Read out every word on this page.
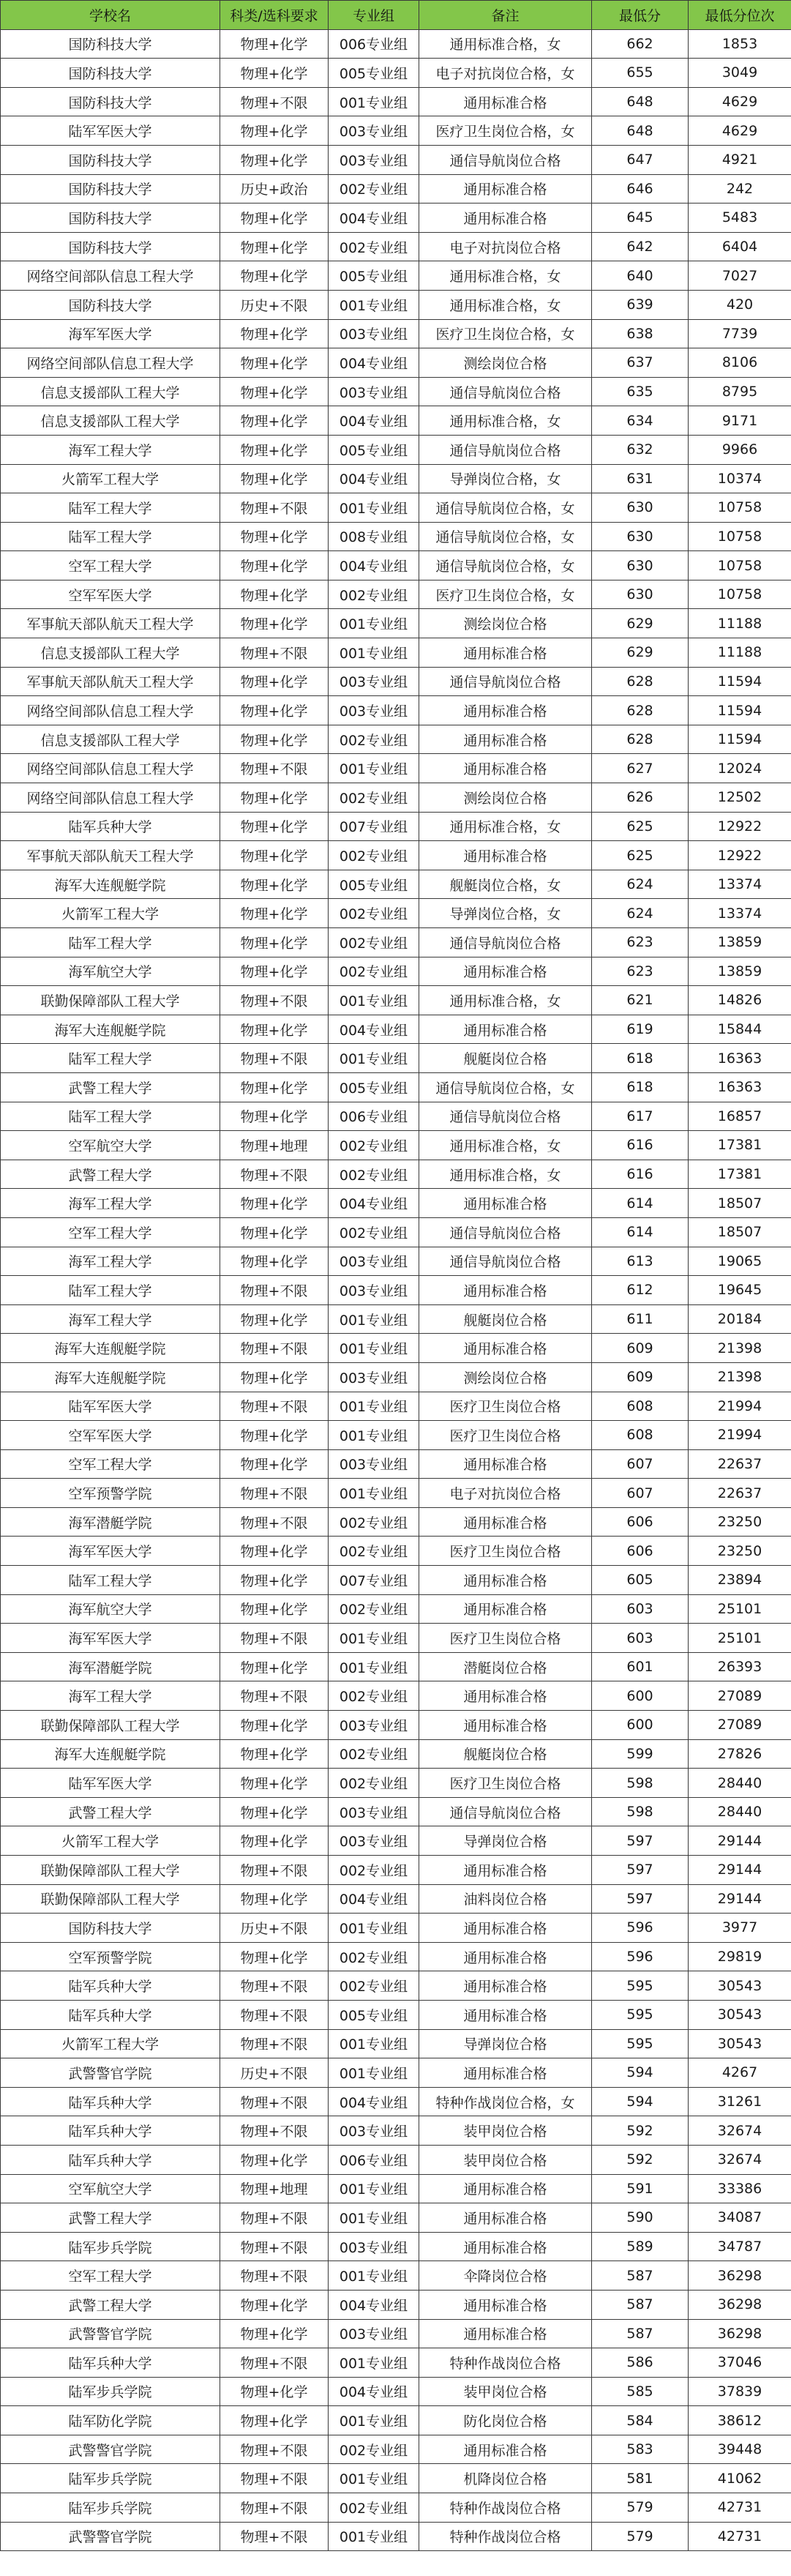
学校名	科类/选科要求	专业组	备注	最低分	最低分位次
国防科技大学	物理+化学	006专业组	通用标准合格，女	662	1853
国防科技大学	物理+化学	005专业组	电子对抗岗位合格，女	655	3049
国防科技大学	物理+不限	001专业组	通用标准合格	648	4629
陆军军医大学	物理+化学	003专业组	医疗卫生岗位合格，女	648	4629
国防科技大学	物理+化学	003专业组	通信导航岗位合格	647	4921
国防科技大学	历史+政治	002专业组	通用标准合格	646	242
国防科技大学	物理+化学	004专业组	通用标准合格	645	5483
国防科技大学	物理+化学	002专业组	电子对抗岗位合格	642	6404
网络空间部队信息工程大学	物理+化学	005专业组	通用标准合格，女	640	7027
国防科技大学	历史+不限	001专业组	通用标准合格，女	639	420
海军军医大学	物理+化学	003专业组	医疗卫生岗位合格，女	638	7739
网络空间部队信息工程大学	物理+化学	004专业组	测绘岗位合格	637	8106
信息支援部队工程大学	物理+化学	003专业组	通信导航岗位合格	635	8795
信息支援部队工程大学	物理+化学	004专业组	通用标准合格，女	634	9171
海军工程大学	物理+化学	005专业组	通信导航岗位合格	632	9966
火箭军工程大学	物理+化学	004专业组	导弹岗位合格，女	631	10374
陆军工程大学	物理+不限	001专业组	通信导航岗位合格，女	630	10758
陆军工程大学	物理+化学	008专业组	通信导航岗位合格，女	630	10758
空军工程大学	物理+化学	004专业组	通信导航岗位合格，女	630	10758
空军军医大学	物理+化学	002专业组	医疗卫生岗位合格，女	630	10758
军事航天部队航天工程大学	物理+化学	001专业组	测绘岗位合格	629	11188
信息支援部队工程大学	物理+不限	001专业组	通用标准合格	629	11188
军事航天部队航天工程大学	物理+化学	003专业组	通信导航岗位合格	628	11594
网络空间部队信息工程大学	物理+化学	003专业组	通用标准合格	628	11594
信息支援部队工程大学	物理+化学	002专业组	通用标准合格	628	11594
网络空间部队信息工程大学	物理+不限	001专业组	通用标准合格	627	12024
网络空间部队信息工程大学	物理+化学	002专业组	测绘岗位合格	626	12502
陆军兵种大学	物理+化学	007专业组	通用标准合格，女	625	12922
军事航天部队航天工程大学	物理+化学	002专业组	通用标准合格	625	12922
海军大连舰艇学院	物理+化学	005专业组	舰艇岗位合格，女	624	13374
火箭军工程大学	物理+化学	002专业组	导弹岗位合格，女	624	13374
陆军工程大学	物理+化学	002专业组	通信导航岗位合格	623	13859
海军航空大学	物理+化学	002专业组	通用标准合格	623	13859
联勤保障部队工程大学	物理+不限	001专业组	通用标准合格，女	621	14826
海军大连舰艇学院	物理+化学	004专业组	通用标准合格	619	15844
陆军工程大学	物理+不限	001专业组	舰艇岗位合格	618	16363
武警工程大学	物理+化学	005专业组	通信导航岗位合格，女	618	16363
陆军工程大学	物理+化学	006专业组	通信导航岗位合格	617	16857
空军航空大学	物理+地理	002专业组	通用标准合格，女	616	17381
武警工程大学	物理+不限	002专业组	通用标准合格，女	616	17381
海军工程大学	物理+化学	004专业组	通用标准合格	614	18507
空军工程大学	物理+化学	002专业组	通信导航岗位合格	614	18507
海军工程大学	物理+化学	003专业组	通信导航岗位合格	613	19065
陆军工程大学	物理+不限	003专业组	通用标准合格	612	19645
海军工程大学	物理+化学	001专业组	舰艇岗位合格	611	20184
海军大连舰艇学院	物理+不限	001专业组	通用标准合格	609	21398
海军大连舰艇学院	物理+化学	003专业组	测绘岗位合格	609	21398
陆军军医大学	物理+不限	001专业组	医疗卫生岗位合格	608	21994
空军军医大学	物理+化学	001专业组	医疗卫生岗位合格	608	21994
空军工程大学	物理+化学	003专业组	通用标准合格	607	22637
空军预警学院	物理+不限	001专业组	电子对抗岗位合格	607	22637
海军潜艇学院	物理+不限	002专业组	通用标准合格	606	23250
海军军医大学	物理+化学	002专业组	医疗卫生岗位合格	606	23250
陆军工程大学	物理+化学	007专业组	通用标准合格	605	23894
海军航空大学	物理+化学	002专业组	通用标准合格	603	25101
海军军医大学	物理+不限	001专业组	医疗卫生岗位合格	603	25101
海军潜艇学院	物理+化学	001专业组	潜艇岗位合格	601	26393
海军工程大学	物理+不限	002专业组	通用标准合格	600	27089
联勤保障部队工程大学	物理+化学	003专业组	通用标准合格	600	27089
海军大连舰艇学院	物理+化学	002专业组	舰艇岗位合格	599	27826
陆军军医大学	物理+化学	002专业组	医疗卫生岗位合格	598	28440
武警工程大学	物理+化学	003专业组	通信导航岗位合格	598	28440
火箭军工程大学	物理+化学	003专业组	导弹岗位合格	597	29144
联勤保障部队工程大学	物理+不限	002专业组	通用标准合格	597	29144
联勤保障部队工程大学	物理+化学	004专业组	油料岗位合格	597	29144
国防科技大学	历史+不限	001专业组	通用标准合格	596	3977
空军预警学院	物理+化学	002专业组	通用标准合格	596	29819
陆军兵种大学	物理+不限	002专业组	通用标准合格	595	30543
陆军兵种大学	物理+不限	005专业组	通用标准合格	595	30543
火箭军工程大学	物理+不限	001专业组	导弹岗位合格	595	30543
武警警官学院	历史+不限	001专业组	通用标准合格	594	4267
陆军兵种大学	物理+不限	004专业组	特种作战岗位合格，女	594	31261
陆军兵种大学	物理+不限	003专业组	装甲岗位合格	592	32674
陆军兵种大学	物理+化学	006专业组	装甲岗位合格	592	32674
空军航空大学	物理+地理	001专业组	通用标准合格	591	33386
武警工程大学	物理+不限	001专业组	通用标准合格	590	34087
陆军步兵学院	物理+不限	003专业组	通用标准合格	589	34787
空军工程大学	物理+不限	001专业组	伞降岗位合格	587	36298
武警工程大学	物理+化学	004专业组	通用标准合格	587	36298
武警警官学院	物理+化学	003专业组	通用标准合格	587	36298
陆军兵种大学	物理+不限	001专业组	特种作战岗位合格	586	37046
陆军步兵学院	物理+化学	004专业组	装甲岗位合格	585	37839
陆军防化学院	物理+化学	001专业组	防化岗位合格	584	38612
武警警官学院	物理+不限	002专业组	通用标准合格	583	39448
陆军步兵学院	物理+不限	001专业组	机降岗位合格	581	41062
陆军步兵学院	物理+不限	002专业组	特种作战岗位合格	579	42731
武警警官学院	物理+不限	001专业组	特种作战岗位合格	579	42731
